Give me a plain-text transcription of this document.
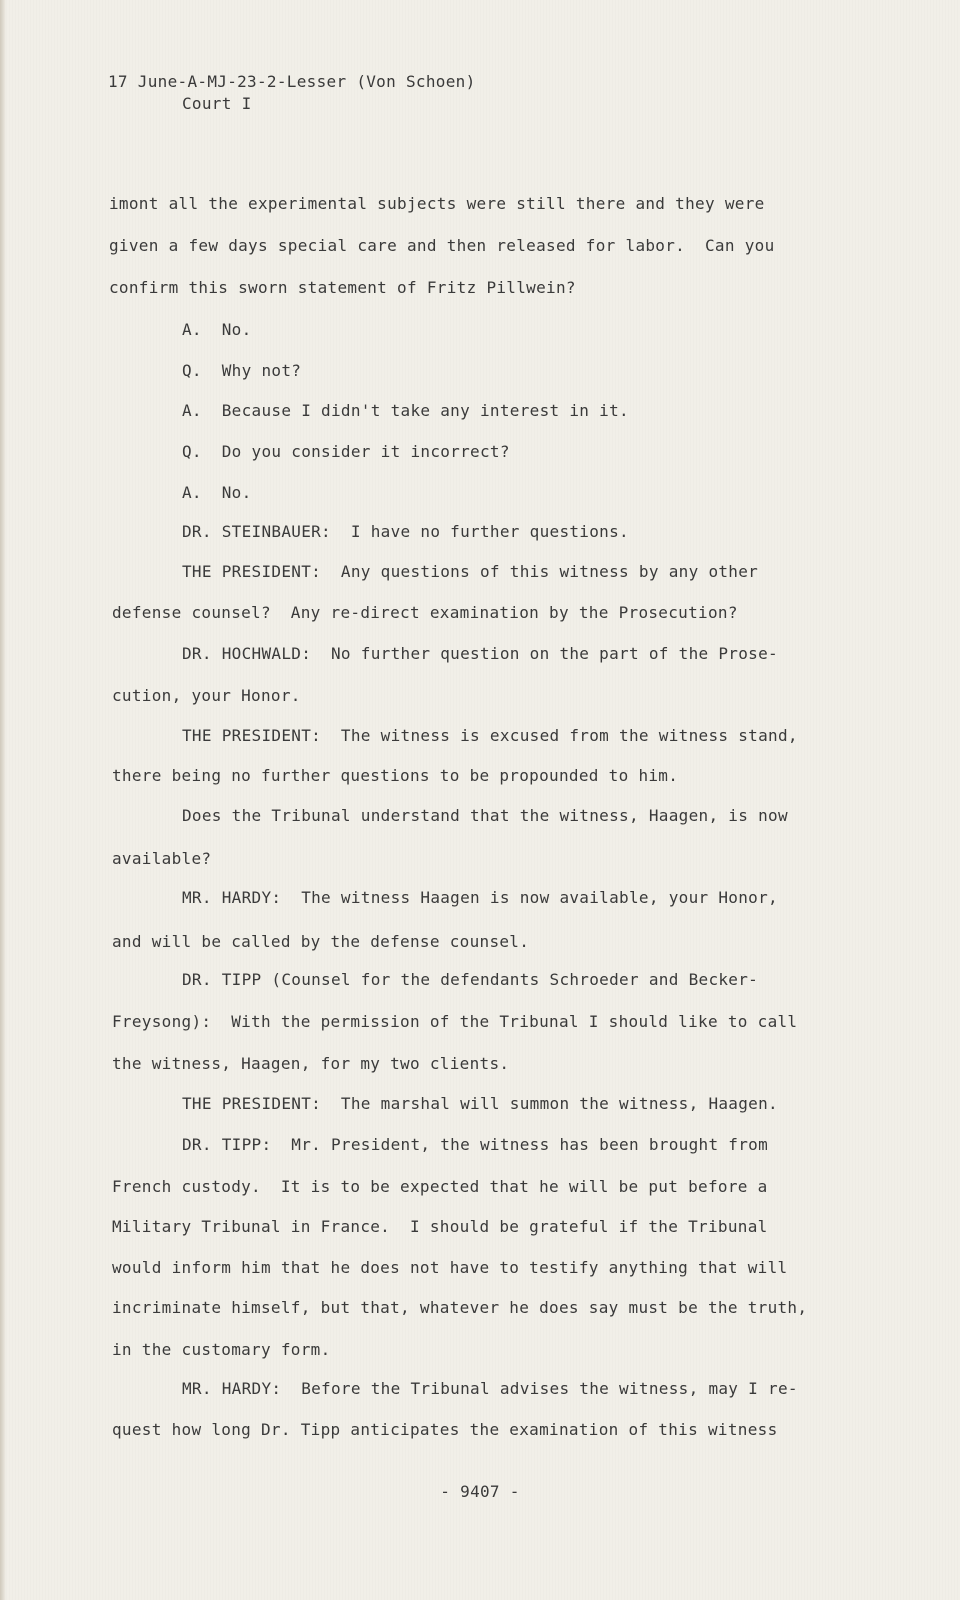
17 June-A-MJ-23-2-Lesser (Von Schoen)
Court I
imont all the experimental subjects were still there and they were
given a few days special care and then released for labor.  Can you
confirm this sworn statement of Fritz Pillwein?
A.  No.
Q.  Why not?
A.  Because I didn't take any interest in it.
Q.  Do you consider it incorrect?
A.  No.
DR. STEINBAUER:  I have no further questions.
THE PRESIDENT:  Any questions of this witness by any other
defense counsel?  Any re-direct examination by the Prosecution?
DR. HOCHWALD:  No further question on the part of the Prose-
cution, your Honor.
THE PRESIDENT:  The witness is excused from the witness stand,
there being no further questions to be propounded to him.
Does the Tribunal understand that the witness, Haagen, is now
available?
MR. HARDY:  The witness Haagen is now available, your Honor,
and will be called by the defense counsel.
DR. TIPP (Counsel for the defendants Schroeder and Becker-
Freysong):  With the permission of the Tribunal I should like to call
the witness, Haagen, for my two clients.
THE PRESIDENT:  The marshal will summon the witness, Haagen.
DR. TIPP:  Mr. President, the witness has been brought from
French custody.  It is to be expected that he will be put before a
Military Tribunal in France.  I should be grateful if the Tribunal
would inform him that he does not have to testify anything that will
incriminate himself, but that, whatever he does say must be the truth,
in the customary form.
MR. HARDY:  Before the Tribunal advises the witness, may I re-
quest how long Dr. Tipp anticipates the examination of this witness
- 9407 -
